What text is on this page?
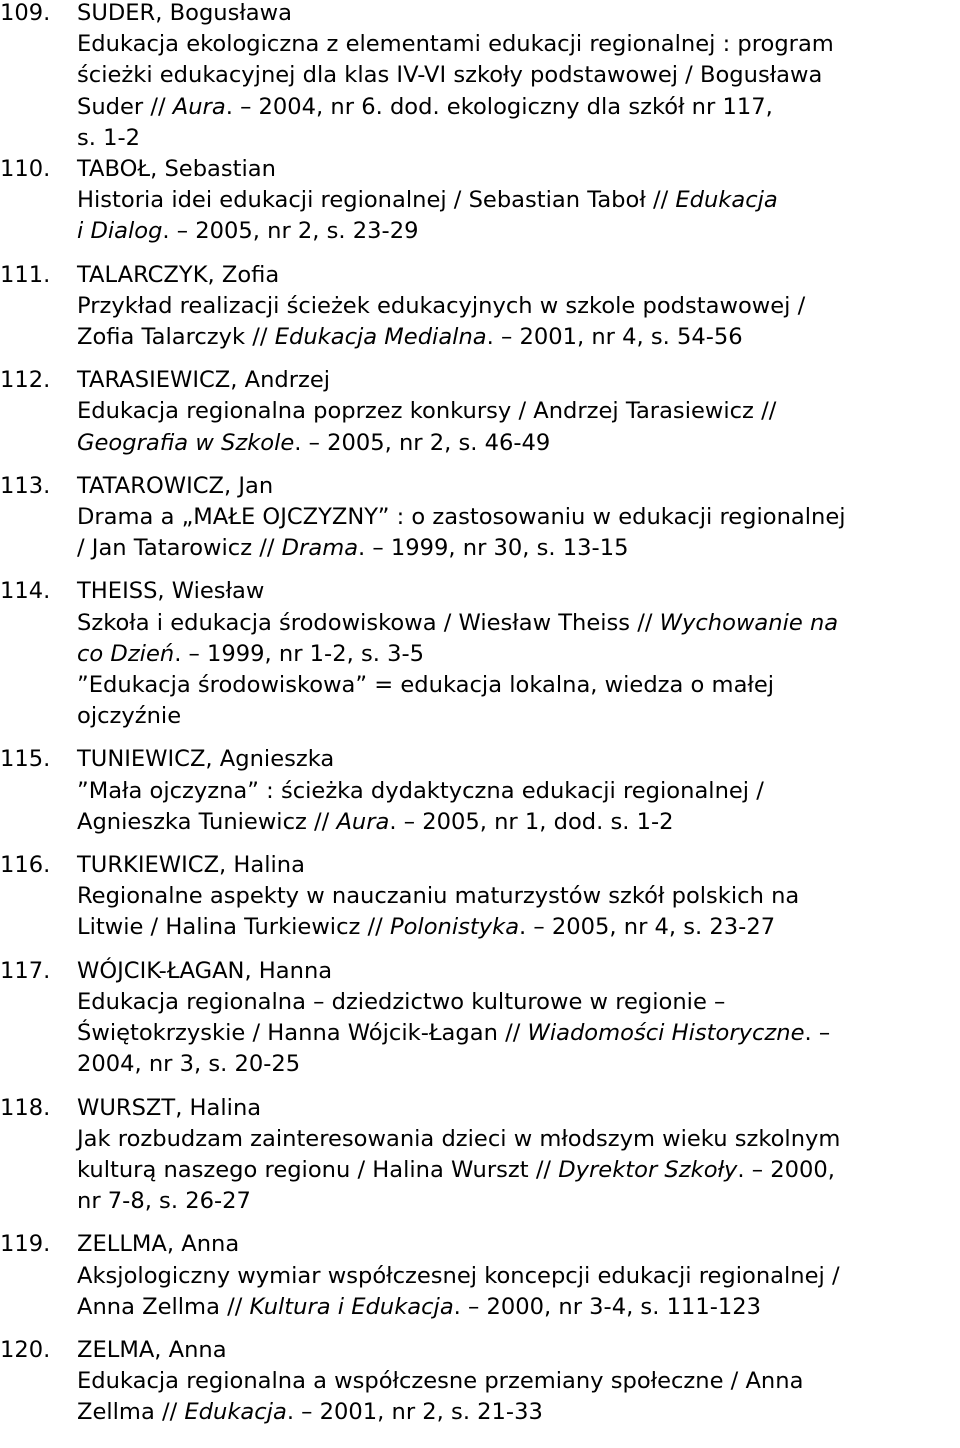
109. SUDER, Bogusława
Edukacja ekologiczna z elementami edukacji regionalnej : program
ścieżki edukacyjnej dla klas IV-VI szkoły podstawowej / Bogusława
Suder // Aura. – 2004, nr 6. dod. ekologiczny dla szkół nr 117,
s. 1-2
110. TABOŁ, Sebastian
Historia idei edukacji regionalnej / Sebastian Taboł // Edukacja
i Dialog. – 2005, nr 2, s. 23-29
111. TALARCZYK, Zofia
Przykład realizacji ścieżek edukacyjnych w szkole podstawowej /
Zofia Talarczyk // Edukacja Medialna. – 2001, nr 4, s. 54-56
112. TARASIEWICZ, Andrzej
Edukacja regionalna poprzez konkursy / Andrzej Tarasiewicz //
Geografia w Szkole. – 2005, nr 2, s. 46-49
113. TATAROWICZ, Jan
Drama a „MAŁE OJCZYZNY” : o zastosowaniu w edukacji regionalnej
/ Jan Tatarowicz // Drama. – 1999, nr 30, s. 13-15
114. THEISS, Wiesław
Szkoła i edukacja środowiskowa / Wiesław Theiss // Wychowanie na
co Dzień. – 1999, nr 1-2, s. 3-5
”Edukacja środowiskowa” = edukacja lokalna, wiedza o małej
ojczyźnie
115. TUNIEWICZ, Agnieszka
”Mała ojczyzna” : ścieżka dydaktyczna edukacji regionalnej /
Agnieszka Tuniewicz // Aura. – 2005, nr 1, dod. s. 1-2
116. TURKIEWICZ, Halina
Regionalne aspekty w nauczaniu maturzystów szkół polskich na
Litwie / Halina Turkiewicz // Polonistyka. – 2005, nr 4, s. 23-27
117. WÓJCIK-ŁAGAN, Hanna
Edukacja regionalna – dziedzictwo kulturowe w regionie –
Świętokrzyskie / Hanna Wójcik-Łagan // Wiadomości Historyczne. –
2004, nr 3, s. 20-25
118. WURSZT, Halina
Jak rozbudzam zainteresowania dzieci w młodszym wieku szkolnym
kulturą naszego regionu / Halina Wurszt // Dyrektor Szkoły. – 2000,
nr 7-8, s. 26-27
119. ZELLMA, Anna
Aksjologiczny wymiar współczesnej koncepcji edukacji regionalnej /
Anna Zellma // Kultura i Edukacja. – 2000, nr 3-4, s. 111-123
120. ZELMA, Anna
Edukacja regionalna a współczesne przemiany społeczne / Anna
Zellma // Edukacja. – 2001, nr 2, s. 21-33
